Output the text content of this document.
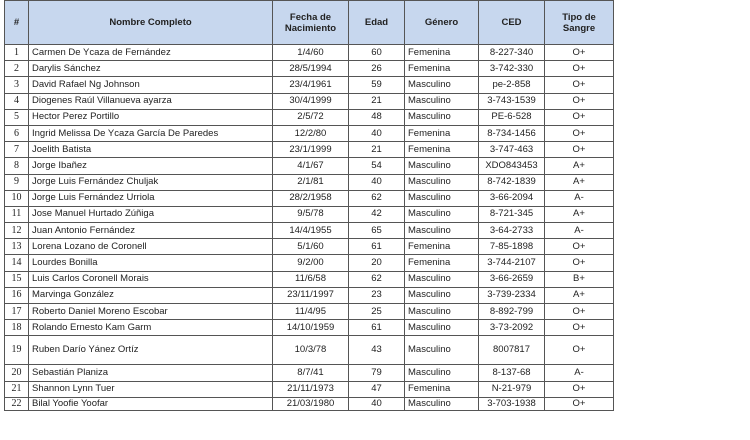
#	Nombre Completo	Fecha de Nacimiento	Edad	Género	CED	Tipo de Sangre
1	Carmen De Ycaza de Fernández	1/4/60	60	Femenina	8-227-340	O+
2	Darylis Sánchez	28/5/1994	26	Femenina	3-742-330	O+
3	David Rafael Ng Johnson	23/4/1961	59	Masculino	pe-2-858	O+
4	Diogenes Raúl Villanueva ayarza	30/4/1999	21	Masculino	3-743-1539	O+
5	Hector Perez Portillo	2/5/72	48	Masculino	PE-6-528	O+
6	Ingrid Melissa De Ycaza García De Paredes	12/2/80	40	Femenina	8-734-1456	O+
7	Joelith Batista	23/1/1999	21	Femenina	3-747-463	O+
8	Jorge Ibañez	4/1/67	54	Masculino	XDO843453	A+
9	Jorge Luis Fernández Chuljak	2/1/81	40	Masculino	8-742-1839	A+
10	Jorge Luis Fernández Urriola	28/2/1958	62	Masculino	3-66-2094	A-
11	Jose Manuel Hurtado Zúñiga	9/5/78	42	Masculino	8-721-345	A+
12	Juan Antonio Fernández	14/4/1955	65	Masculino	3-64-2733	A-
13	Lorena Lozano de Coronell	5/1/60	61	Femenina	7-85-1898	O+
14	Lourdes Bonilla	9/2/00	20	Femenina	3-744-2107	O+
15	Luis Carlos Coronell Morais	11/6/58	62	Masculino	3-66-2659	B+
16	Marvinga González	23/11/1997	23	Masculino	3-739-2334	A+
17	Roberto Daniel Moreno Escobar	11/4/95	25	Masculino	8-892-799	O+
18	Rolando Ernesto Kam Garm	14/10/1959	61	Masculino	3-73-2092	O+
19	Ruben Darío Yánez Ortíz	10/3/78	43	Masculino	8007817	O+
20	Sebastián Planiza	8/7/41	79	Masculino	8-137-68	A-
21	Shannon Lynn Tuer	21/11/1973	47	Femenina	N-21-979	O+
22	Bilal Yoofie Yoofar	21/03/1980	40	Masculino	3-703-1938	O+
